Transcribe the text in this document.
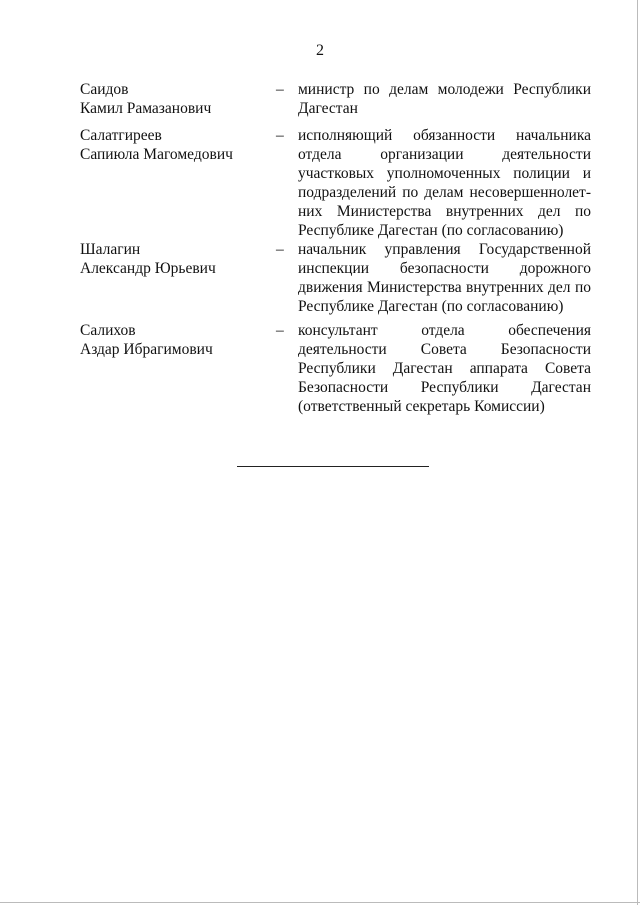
2
Саидов
Камил Рамазанович
– министр по делам молодежи Республики
Дагестан
Салатгиреев
Сапиюла Магомедович
– исполняющий обязанности начальника
отдела организации деятельности
участковых уполномоченных полиции и
подразделений по делам несовершеннолет-
них Министерства внутренних дел по
Республике Дагестан (по согласованию)
Шалагин
Александр Юрьевич
– начальник управления Государственной
инспекции безопасности дорожного
движения Министерства внутренних дел по
Республике Дагестан (по согласованию)
Салихов
Аздар Ибрагимович
– консультант отдела обеспечения
деятельности Совета Безопасности
Республики Дагестан аппарата Совета
Безопасности Республики Дагестан
(ответственный секретарь Комиссии)
